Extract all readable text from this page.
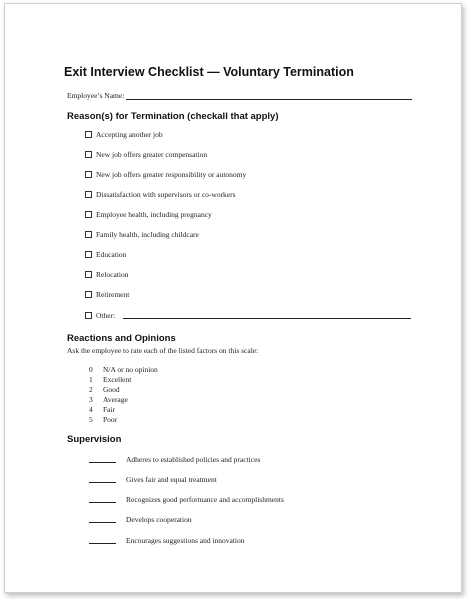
Exit Interview Checklist — Voluntary Termination
Employee’s Name:
Reason(s) for Termination (checkall that apply)
Accepting another job
New job offers greater compensation
New job offers greater responsibility or autonomy
Dissatisfaction with supervisors or co-workers
Employee health, including pregnancy
Family health, including childcare
Education
Relocation
Retirement
Other:
Reactions and Opinions
Ask the employee to rate each of the listed factors on this scale:
0 N/A or no opinion
1 Excellent
2 Good
3 Average
4 Fair
5 Poor
Supervision
Adheres to established policies and practices
Gives fair and equal treatment
Recognizes good performance and accomplishments
Develops cooperation
Encourages suggestions and innovation
